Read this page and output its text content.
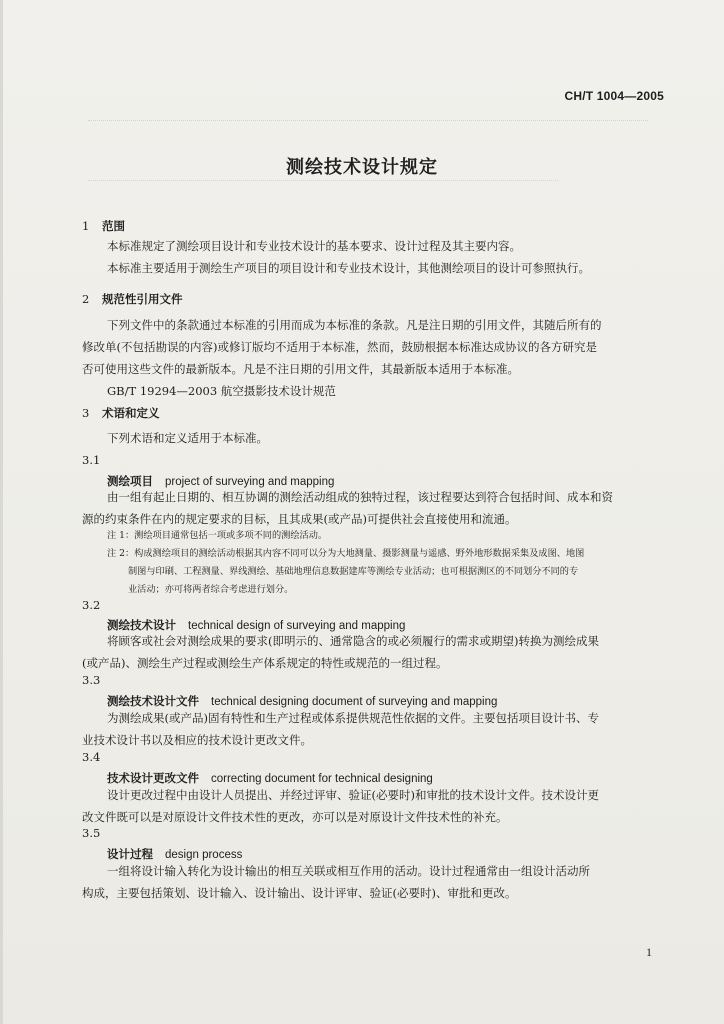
CH/T 1004—2005
测绘技术设计规定
1 范围
本标准规定了测绘项目设计和专业技术设计的基本要求、设计过程及其主要内容。
本标准主要适用于测绘生产项目的项目设计和专业技术设计，其他测绘项目的设计可参照执行。
2 规范性引用文件
下列文件中的条款通过本标准的引用而成为本标准的条款。凡是注日期的引用文件，其随后所有的
修改单(不包括勘误的内容)或修订版均不适用于本标准，然而，鼓励根据本标准达成协议的各方研究是
否可使用这些文件的最新版本。凡是不注日期的引用文件，其最新版本适用于本标准。
GB/T 19294—2003 航空摄影技术设计规范
3 术语和定义
下列术语和定义适用于本标准。
3.1
测绘项目 project of surveying and mapping
由一组有起止日期的、相互协调的测绘活动组成的独特过程，该过程要达到符合包括时间、成本和资
源的约束条件在内的规定要求的目标，且其成果(或产品)可提供社会直接使用和流通。
注 1：测绘项目通常包括一项或多项不同的测绘活动。
注 2：构成测绘项目的测绘活动根据其内容不同可以分为大地测量、摄影测量与遥感、野外地形数据采集及成图、地图
制图与印刷、工程测量、界线测绘、基础地理信息数据建库等测绘专业活动；也可根据测区的不同划分不同的专
业活动；亦可将两者综合考虑进行划分。
3.2
测绘技术设计 technical design of surveying and mapping
将顾客或社会对测绘成果的要求(即明示的、通常隐含的或必须履行的需求或期望)转换为测绘成果
(或产品)、测绘生产过程或测绘生产体系规定的特性或规范的一组过程。
3.3
测绘技术设计文件 technical designing document of surveying and mapping
为测绘成果(或产品)固有特性和生产过程或体系提供规范性依据的文件。主要包括项目设计书、专
业技术设计书以及相应的技术设计更改文件。
3.4
技术设计更改文件 correcting document for technical designing
设计更改过程中由设计人员提出、并经过评审、验证(必要时)和审批的技术设计文件。技术设计更
改文件既可以是对原设计文件技术性的更改，亦可以是对原设计文件技术性的补充。
3.5
设计过程 design process
一组将设计输入转化为设计输出的相互关联或相互作用的活动。设计过程通常由一组设计活动所
构成，主要包括策划、设计输入、设计输出、设计评审、验证(必要时)、审批和更改。
1
